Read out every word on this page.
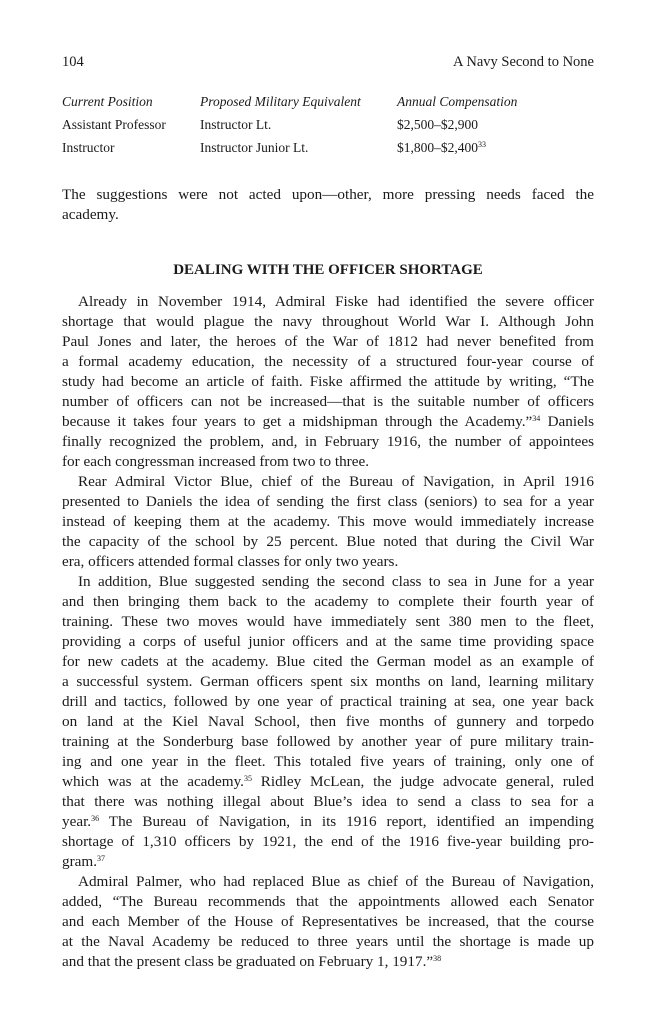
104	A Navy Second to None
Current Position	Proposed Military Equivalent	Annual Compensation
Assistant Professor	Instructor Lt.	$2,500–$2,900
Instructor	Instructor Junior Lt.	$1,800–$2,400$^{33}$
The suggestions were not acted upon—other, more pressing needs faced the
academy.
DEALING WITH THE OFFICER SHORTAGE
Already in November 1914, Admiral Fiske had identified the severe officer
shortage that would plague the navy throughout World War I. Although John
Paul Jones and later, the heroes of the War of 1812 had never benefited from
a formal academy education, the necessity of a structured four-year course of
study had become an article of faith. Fiske affirmed the attitude by writing, “The
number of officers can not be increased—that is the suitable number of officers
because it takes four years to get a midshipman through the Academy.”$^{34}$ Daniels
finally recognized the problem, and, in February 1916, the number of appointees
for each congressman increased from two to three.
Rear Admiral Victor Blue, chief of the Bureau of Navigation, in April 1916
presented to Daniels the idea of sending the first class (seniors) to sea for a year
instead of keeping them at the academy. This move would immediately increase
the capacity of the school by 25 percent. Blue noted that during the Civil War
era, officers attended formal classes for only two years.
In addition, Blue suggested sending the second class to sea in June for a year
and then bringing them back to the academy to complete their fourth year of
training. These two moves would have immediately sent 380 men to the fleet,
providing a corps of useful junior officers and at the same time providing space
for new cadets at the academy. Blue cited the German model as an example of
a successful system. German officers spent six months on land, learning military
drill and tactics, followed by one year of practical training at sea, one year back
on land at the Kiel Naval School, then five months of gunnery and torpedo
training at the Sonderburg base followed by another year of pure military train-
ing and one year in the fleet. This totaled five years of training, only one of
which was at the academy.$^{35}$ Ridley McLean, the judge advocate general, ruled
that there was nothing illegal about Blue’s idea to send a class to sea for a
year.$^{36}$ The Bureau of Navigation, in its 1916 report, identified an impending
shortage of 1,310 officers by 1921, the end of the 1916 five-year building pro-
gram.$^{37}$
Admiral Palmer, who had replaced Blue as chief of the Bureau of Navigation,
added, “The Bureau recommends that the appointments allowed each Senator
and each Member of the House of Representatives be increased, that the course
at the Naval Academy be reduced to three years until the shortage is made up
and that the present class be graduated on February 1, 1917.”$^{38}$
